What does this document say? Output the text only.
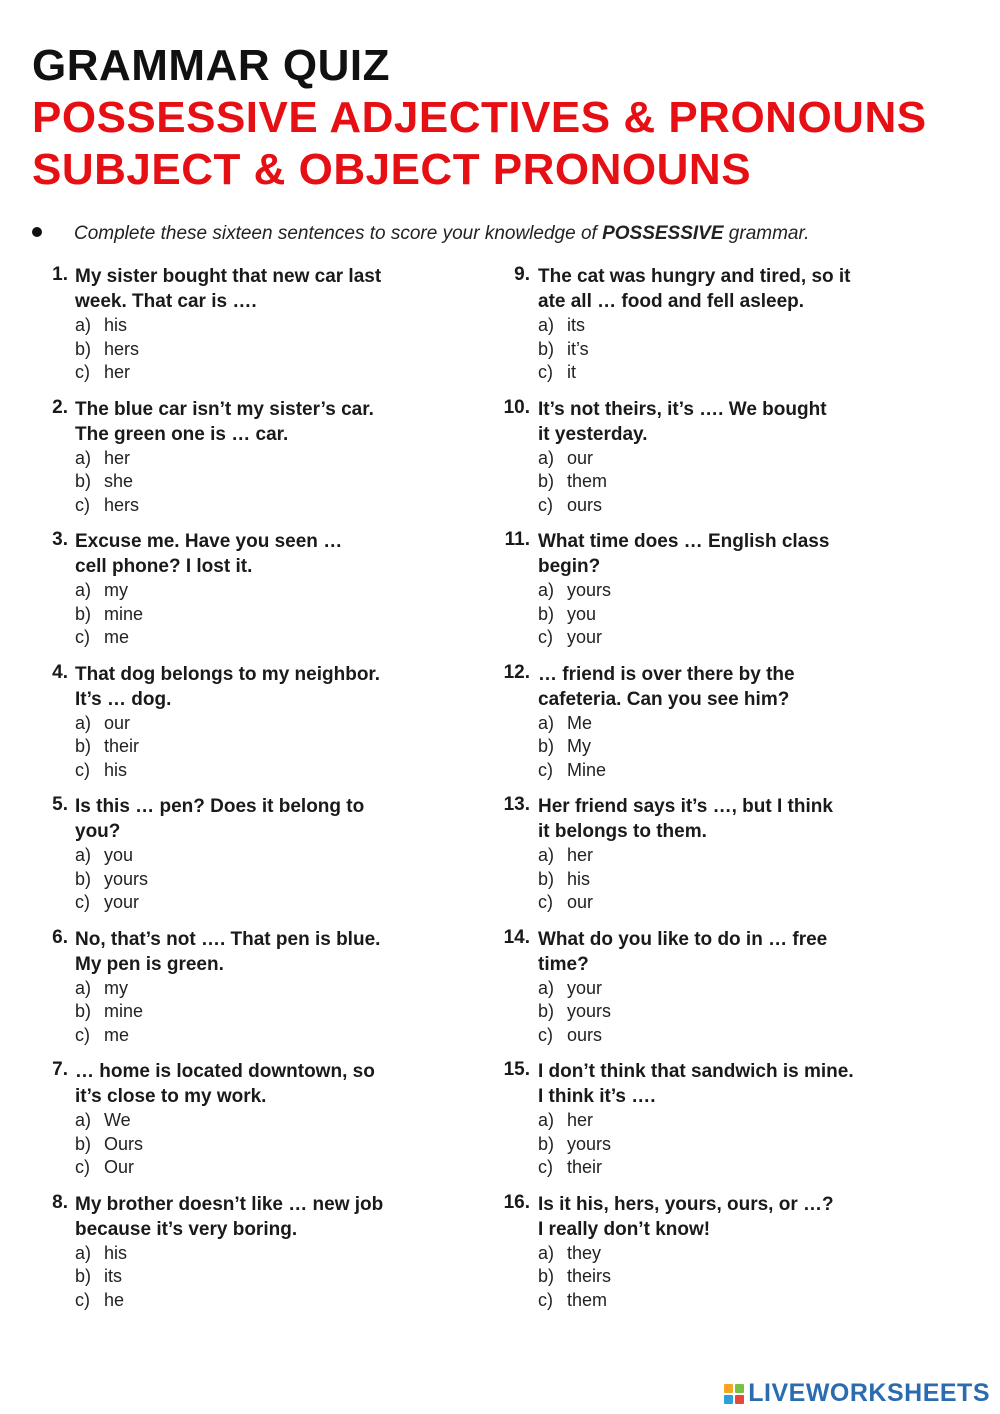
GRAMMAR QUIZ
POSSESSIVE ADJECTIVES & PRONOUNS
SUBJECT & OBJECT PRONOUNS
Complete these sixteen sentences to score your knowledge of POSSESSIVE grammar.
1. My sister bought that new car last
week. That car is ….
a) his
b) hers
c) her
2. The blue car isn’t my sister’s car.
The green one is … car.
a) her
b) she
c) hers
3. Excuse me. Have you seen …
cell phone? I lost it.
a) my
b) mine
c) me
4. That dog belongs to my neighbor.
It’s … dog.
a) our
b) their
c) his
5. Is this … pen? Does it belong to
you?
a) you
b) yours
c) your
6. No, that’s not …. That pen is blue.
My pen is green.
a) my
b) mine
c) me
7. … home is located downtown, so
it’s close to my work.
a) We
b) Ours
c) Our
8. My brother doesn’t like … new job
because it’s very boring.
a) his
b) its
c) he
9. The cat was hungry and tired, so it
ate all … food and fell asleep.
a) its
b) it’s
c) it
10. It’s not theirs, it’s …. We bought
it yesterday.
a) our
b) them
c) ours
11. What time does … English class
begin?
a) yours
b) you
c) your
12. … friend is over there by the
cafeteria. Can you see him?
a) Me
b) My
c) Mine
13. Her friend says it’s …, but I think
it belongs to them.
a) her
b) his
c) our
14. What do you like to do in … free
time?
a) your
b) yours
c) ours
15. I don’t think that sandwich is mine.
I think it’s ….
a) her
b) yours
c) their
16. Is it his, hers, yours, ours, or …?
I really don’t know!
a) they
b) theirs
c) them
LIVEWORKSHEETS
